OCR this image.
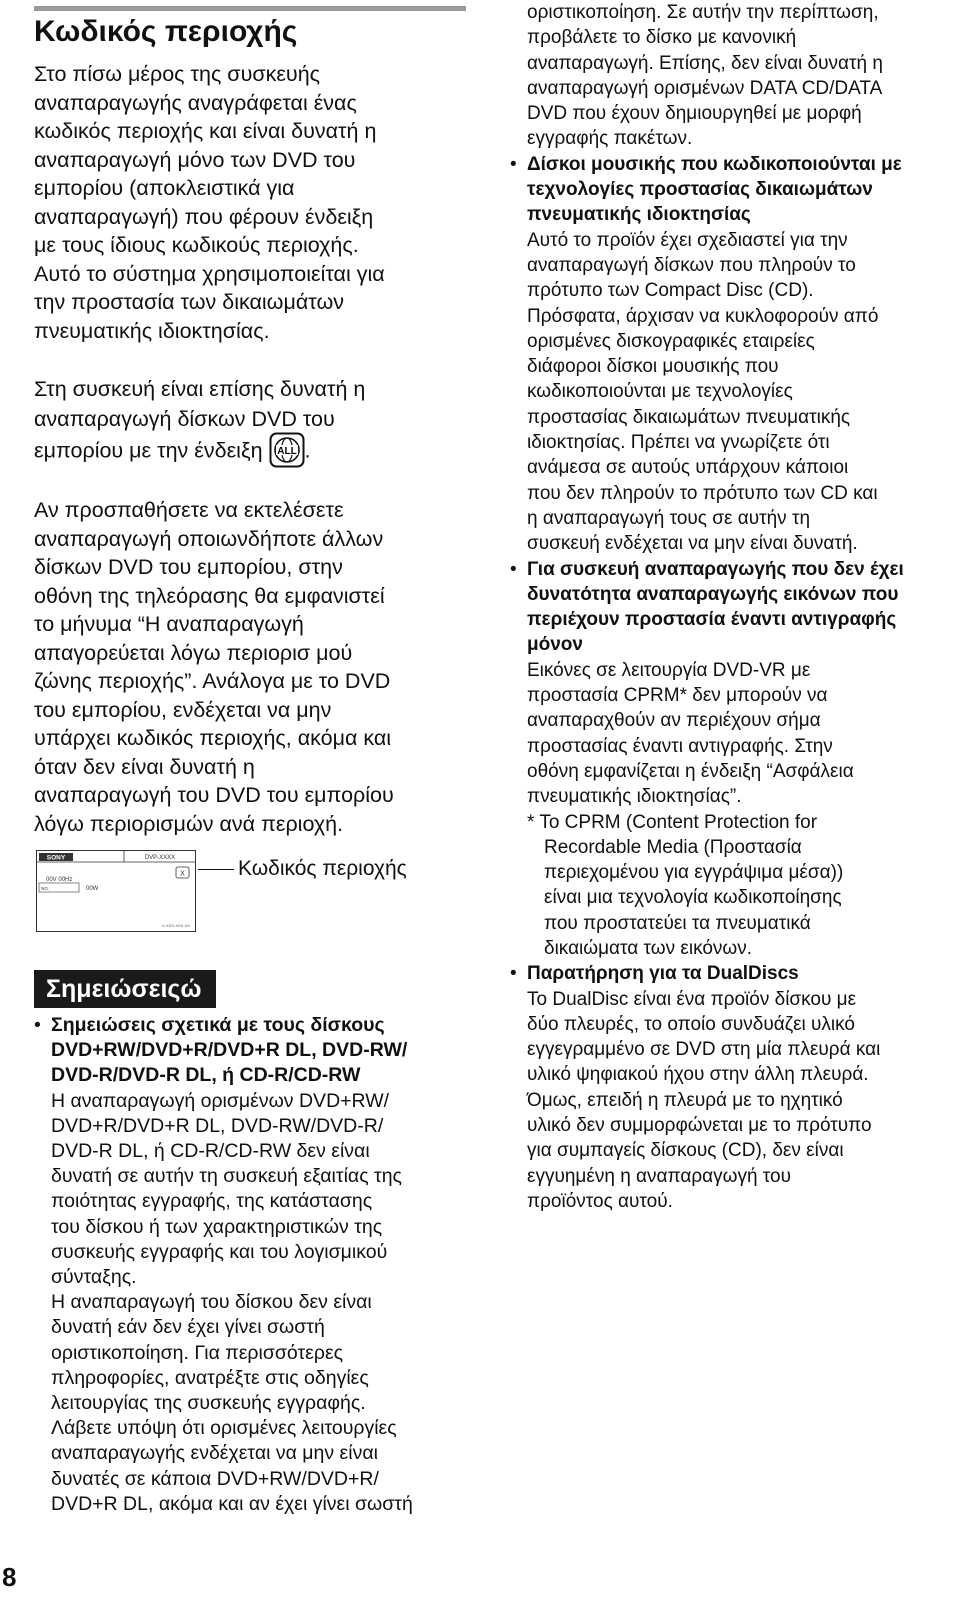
Κωδικός περιοχής

Στο πίσω μέρος της συσκευής
αναπαραγωγής αναγράφεται ένας
κωδικός περιοχής και είναι δυνατή η
αναπαραγωγή μόνο των DVD του
εμπορίου (αποκλειστικά για
αναπαραγωγή) που φέρουν ένδειξη
με τους ίδιους κωδικούς περιοχής.
Αυτό το σύστημα χρησιμοποιείται για
την προστασία των δικαιωμάτων
πνευματικής ιδιοκτησίας.

Στη συσκευή είναι επίσης δυνατή η
αναπαραγωγή δίσκων DVD του
εμπορίου με την ένδειξη ALL .

Αν προσπαθήσετε να εκτελέσετε
αναπαραγωγή οποιωνδήποτε άλλων
δίσκων DVD του εμπορίου, στην
οθόνη της τηλεόρασης θα εμφανιστεί
το μήνυμα “Η αναπαραγωγή
απαγορεύεται λόγω περιορισ μού
ζώνης περιοχής”. Ανάλογα με το DVD
του εμπορίου, ενδέχεται να μην
υπάρχει κωδικός περιοχής, ακόμα και
όταν δεν είναι δυνατή η
αναπαραγωγή του DVD του εμπορίου
λόγω περιορισμών ανά περιοχή.

SONY	DVP-XXXX
00V 00Hz
NO.	00W
X
X-XXX-XXX-XX
Κωδικός περιοχής
Σημειώσειςώ
• Σημειώσεις σχετικά με τους δίσκους
DVD+RW/DVD+R/DVD+R DL, DVD-RW/
DVD-R/DVD-R DL, ή CD-R/CD-RW
Η αναπαραγωγή ορισμένων DVD+RW/
DVD+R/DVD+R DL, DVD-RW/DVD-R/
DVD-R DL, ή CD-R/CD-RW δεν είναι
δυνατή σε αυτήν τη συσκευή εξαιτίας της
ποιότητας εγγραφής, της κατάστασης
του δίσκου ή των χαρακτηριστικών της
συσκευής εγγραφής και του λογισμικού
σύνταξης.
Η αναπαραγωγή του δίσκου δεν είναι
δυνατή εάν δεν έχει γίνει σωστή
οριστικοποίηση. Για περισσότερες
πληροφορίες, ανατρέξτε στις οδηγίες
λειτουργίας της συσκευής εγγραφής.
Λάβετε υπόψη ότι ορισμένες λειτουργίες
αναπαραγωγής ενδέχεται να μην είναι
δυνατές σε κάποια DVD+RW/DVD+R/
DVD+R DL, ακόμα και αν έχει γίνει σωστή
οριστικοποίηση. Σε αυτήν την περίπτωση,
προβάλετε το δίσκο με κανονική
αναπαραγωγή. Επίσης, δεν είναι δυνατή η
αναπαραγωγή ορισμένων DATA CD/DATA
DVD που έχουν δημιουργηθεί με μορφή
εγγραφής πακέτων.
• Δίσκοι μουσικής που κωδικοποιούνται με
τεχνολογίες προστασίας δικαιωμάτων
πνευματικής ιδιοκτησίας
Αυτό το προϊόν έχει σχεδιαστεί για την
αναπαραγωγή δίσκων που πληρούν το
πρότυπο των Compact Disc (CD).
Πρόσφατα, άρχισαν να κυκλοφορούν από
ορισμένες δισκογραφικές εταιρείες
διάφοροι δίσκοι μουσικής που
κωδικοποιούνται με τεχνολογίες
προστασίας δικαιωμάτων πνευματικής
ιδιοκτησίας. Πρέπει να γνωρίζετε ότι
ανάμεσα σε αυτούς υπάρχουν κάποιοι
που δεν πληρούν το πρότυπο των CD και
η αναπαραγωγή τους σε αυτήν τη
συσκευή ενδέχεται να μην είναι δυνατή.
• Για συσκευή αναπαραγωγής που δεν έχει
δυνατότητα αναπαραγωγής εικόνων που
περιέχουν προστασία έναντι αντιγραφής
μόνον
Εικόνες σε λειτουργία DVD-VR με
προστασία CPRM* δεν μπορούν να
αναπαραχθούν αν περιέχουν σήμα
προστασίας έναντι αντιγραφής. Στην
οθόνη εμφανίζεται η ένδειξη “Ασφάλεια
πνευματικής ιδιοκτησίας”.
* To CPRM (Content Protection for
Recordable Media (Προστασία
περιεχομένου για εγγράψιμα μέσα))
είναι μια τεχνολογία κωδικοποίησης
που προστατεύει τα πνευματικά
δικαιώματα των εικόνων.
• Παρατήρηση για τα DualDiscs
Το DualDisc είναι ένα προϊόν δίσκου με
δύο πλευρές, το οποίο συνδυάζει υλικό
εγγεγραμμένο σε DVD στη μία πλευρά και
υλικό ψηφιακού ήχου στην άλλη πλευρά.
Όμως, επειδή η πλευρά με το ηχητικό
υλικό δεν συμμορφώνεται με το πρότυπο
για συμπαγείς δίσκους (CD), δεν είναι
εγγυημένη η αναπαραγωγή του
προϊόντος αυτού.
8
